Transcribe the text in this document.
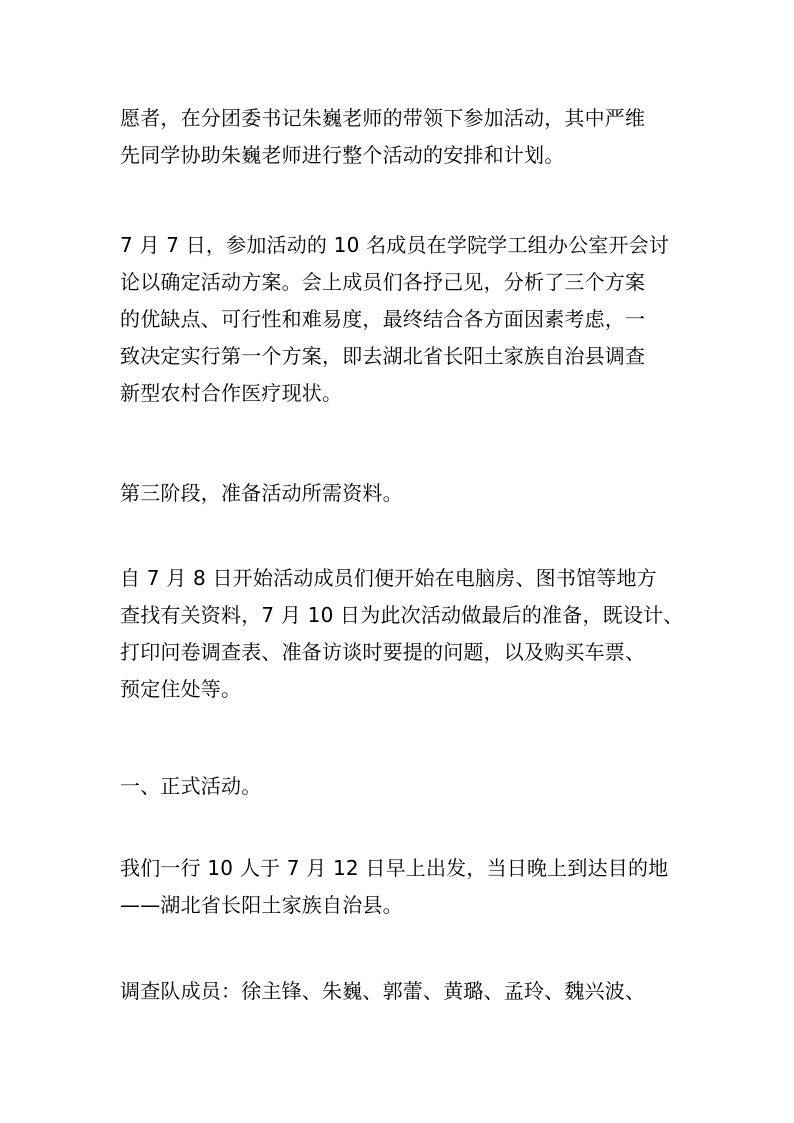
愿者，在分团委书记朱巍老师的带领下参加活动，其中严维
先同学协助朱巍老师进行整个活动的安排和计划。

7 月 7 日，参加活动的 10 名成员在学院学工组办公室开会讨
论以确定活动方案。会上成员们各抒己见，分析了三个方案
的优缺点、可行性和难易度，最终结合各方面因素考虑，一
致决定实行第一个方案，即去湖北省长阳土家族自治县调查
新型农村合作医疗现状。

第三阶段，准备活动所需资料。

自 7 月 8 日开始活动成员们便开始在电脑房、图书馆等地方
查找有关资料，7 月 10 日为此次活动做最后的准备，既设计、
打印问卷调查表、准备访谈时要提的问题，以及购买车票、
预定住处等。

一、正式活动。

我们一行 10 人于 7 月 12 日早上出发，当日晚上到达目的地
——湖北省长阳土家族自治县。

调查队成员：徐主锋、朱巍、郭蕾、黄璐、孟玲、魏兴波、
